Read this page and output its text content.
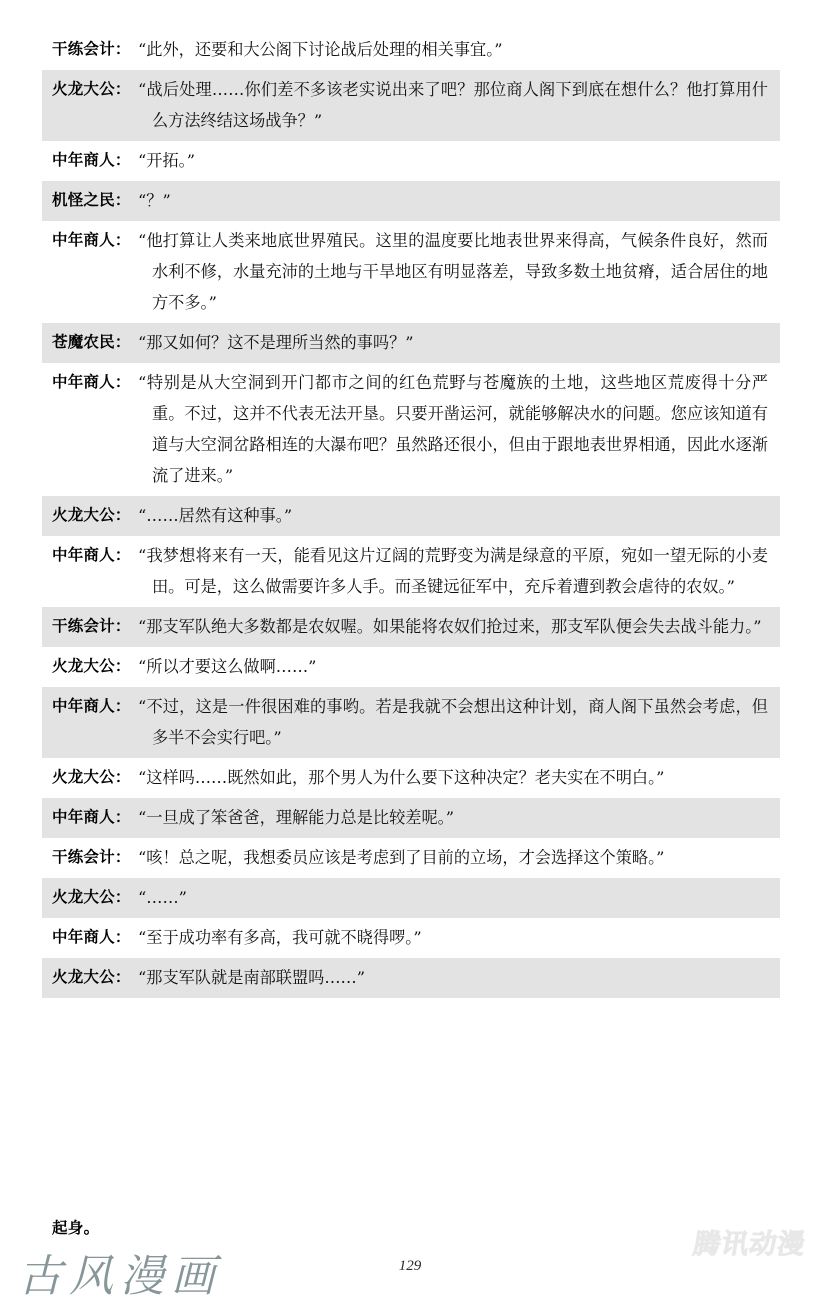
干练会计： “此外，还要和大公阁下讨论战后处理的相关事宜。”
火龙大公： “战后处理……你们差不多该老实说出来了吧？那位商人阁下到底在想什么？他打算用什么方法终结这场战争？”
中年商人： “开拓。”
机怪之民： “？”
中年商人： “他打算让人类来地底世界殖民。这里的温度要比地表世界来得高，气候条件良好，然而水利不修，水量充沛的土地与干旱地区有明显落差，导致多数土地贫瘠，适合居住的地方不多。”
苍魔农民： “那又如何？这不是理所当然的事吗？”
中年商人： “特别是从大空洞到开门都市之间的红色荒野与苍魔族的土地，这些地区荒废得十分严重。不过，这并不代表无法开垦。只要开凿运河，就能够解决水的问题。您应该知道有道与大空洞岔路相连的大瀑布吧？虽然路还很小，但由于跟地表世界相通，因此水逐渐流了进来。”
火龙大公： “……居然有这种事。”
中年商人： “我梦想将来有一天，能看见这片辽阔的荒野变为满是绿意的平原，宛如一望无际的小麦田。可是，这么做需要许多人手。而圣键远征军中，充斥着遭到教会虐待的农奴。”
干练会计： “那支军队绝大多数都是农奴喔。如果能将农奴们抢过来，那支军队便会失去战斗能力。”
火龙大公： “所以才要这么做啊……”
中年商人： “不过，这是一件很困难的事哟。若是我就不会想出这种计划，商人阁下虽然会考虑，但多半不会实行吧。”
火龙大公： “这样吗……既然如此，那个男人为什么要下这种决定？老夫实在不明白。”
中年商人： “一旦成了笨爸爸，理解能力总是比较差呢。”
干练会计： “咳！总之呢，我想委员应该是考虑到了目前的立场，才会选择这个策略。”
火龙大公： “……”
中年商人： “至于成功率有多高，我可就不晓得啰。”
火龙大公： “那支军队就是南部联盟吗……”
起身。
古风漫画	129
腾讯动漫
